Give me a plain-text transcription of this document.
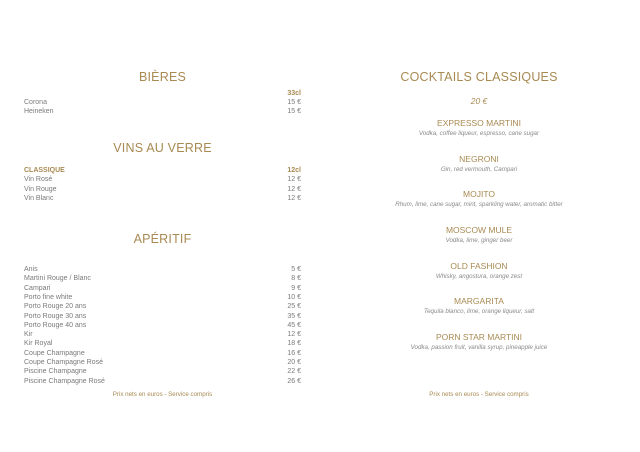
BIÈRES
33cl
Corona	15 €
Heineken	15 €
VINS AU VERRE
CLASSIQUE	12cl
Vin Rosé	12 €
Vin Rouge	12 €
Vin Blanc	12 €
APÉRITIF
Anis	5 €
Martini Rouge / Blanc	8 €
Campari	9 €
Porto fine white	10 €
Porto Rouge 20 ans	25 €
Porto Rouge 30 ans	35 €
Porto Rouge 40 ans	45 €
Kir	12 €
Kir Royal	18 €
Coupe Champagne	16 €
Coupe Champagne Rosé	20 €
Piscine Champagne	22 €
Piscine Champagne Rosé	26 €
Prix nets en euros - Service compris
COCKTAILS CLASSIQUES
20 €
EXPRESSO MARTINI
Vodka, coffee liqueur, espresso, cane sugar
NEGRONI
Gin, red vermouth, Campari
MOJITO
Rhum, lime, cane sugar, mint, sparkling water, aromatic bitter
MOSCOW MULE
Vodka, lime, ginger beer
OLD FASHION
Whisky, angostura, orange zest
MARGARITA
Tequila blanco, lime, orange liqueur, salt
PORN STAR MARTINI
Vodka, passion fruit, vanilla syrup, pineapple juice
Prix nets en euros - Service compris
